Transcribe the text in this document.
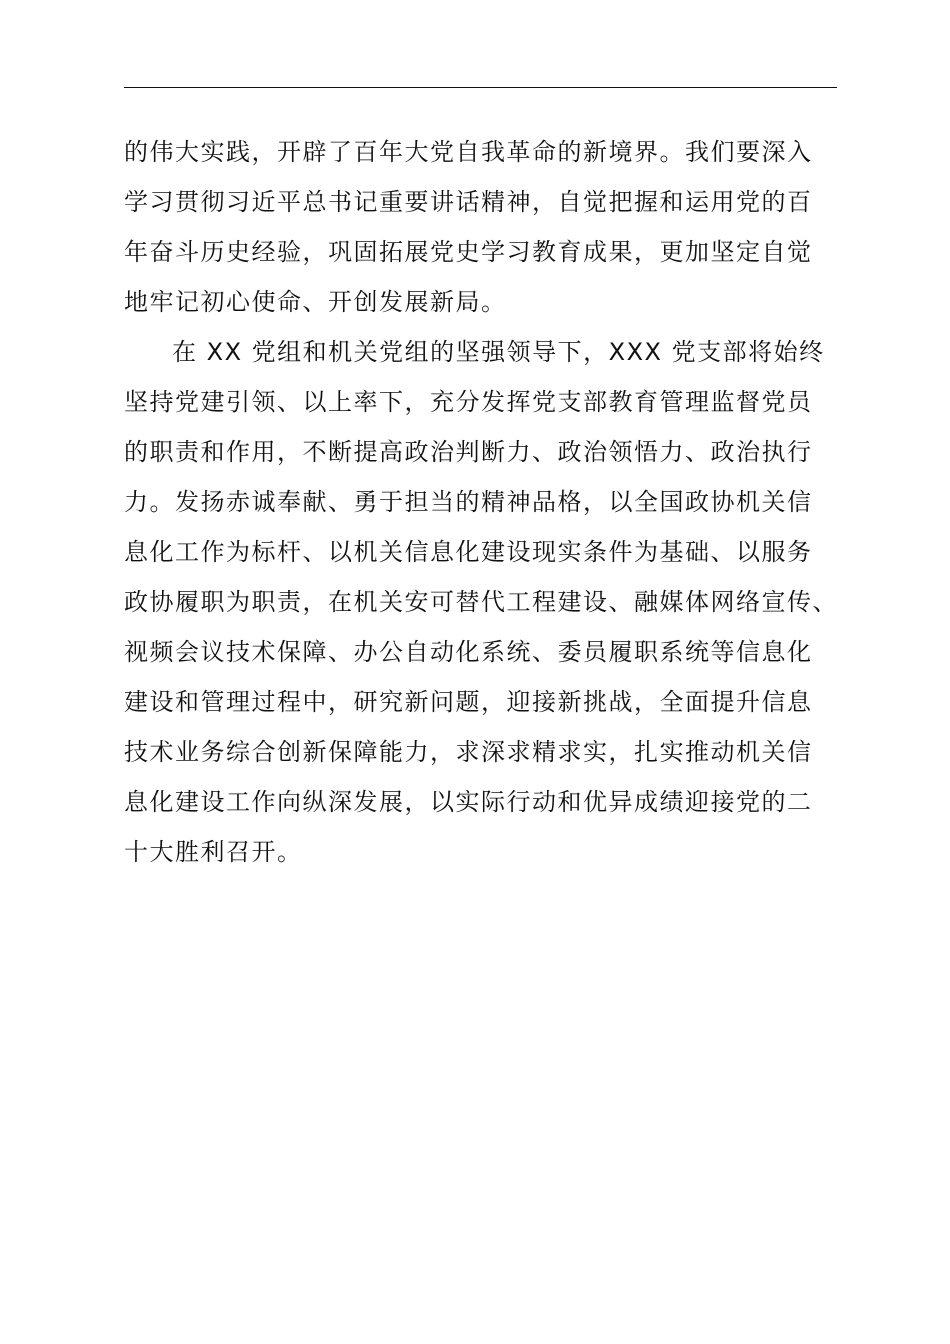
的伟大实践，开辟了百年大党自我革命的新境界。我们要深入
学习贯彻习近平总书记重要讲话精神，自觉把握和运用党的百
年奋斗历史经验，巩固拓展党史学习教育成果，更加坚定自觉
地牢记初心使命、开创发展新局。
在 XX 党组和机关党组的坚强领导下，XXX 党支部将始终
坚持党建引领、以上率下，充分发挥党支部教育管理监督党员
的职责和作用，不断提高政治判断力、政治领悟力、政治执行
力。发扬赤诚奉献、勇于担当的精神品格，以全国政协机关信
息化工作为标杆、以机关信息化建设现实条件为基础、以服务
政协履职为职责，在机关安可替代工程建设、融媒体网络宣传、
视频会议技术保障、办公自动化系统、委员履职系统等信息化
建设和管理过程中，研究新问题，迎接新挑战，全面提升信息
技术业务综合创新保障能力，求深求精求实，扎实推动机关信
息化建设工作向纵深发展，以实际行动和优异成绩迎接党的二
十大胜利召开。
